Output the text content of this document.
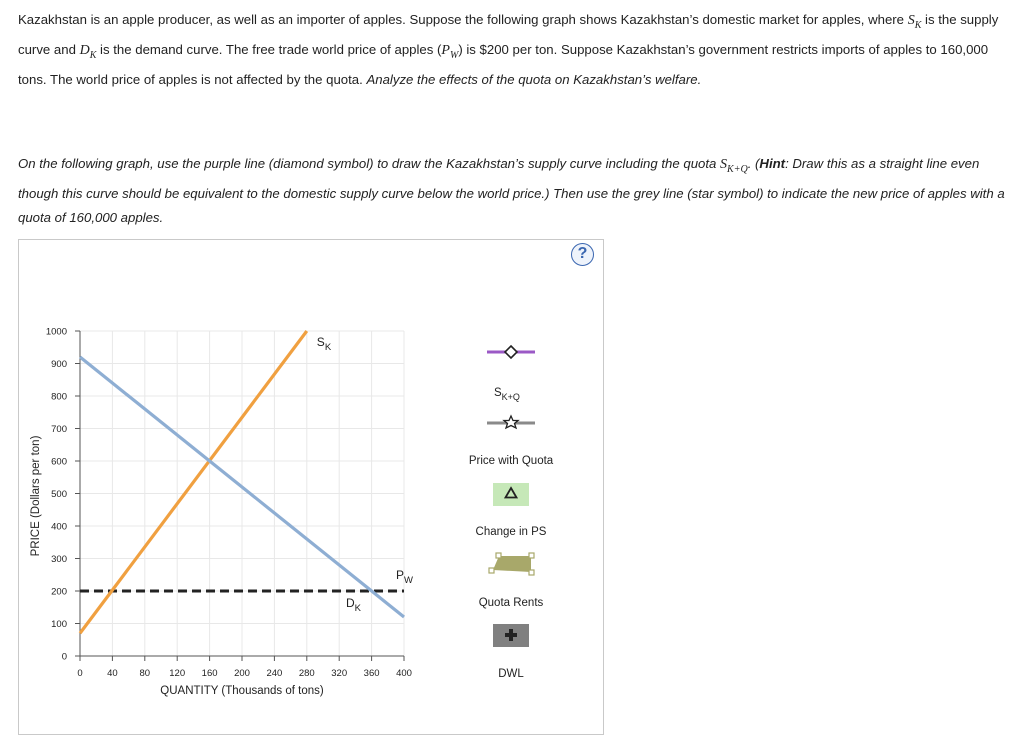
Kazakhstan is an apple producer, as well as an importer of apples. Suppose the following graph shows Kazakhstan’s domestic market for apples, where $S_K$ is the supply curve and $D_K$ is the demand curve. The free trade world price of apples $(P_W)$ is $200 per ton. Suppose Kazakhstan’s government restricts imports of apples to 160,000 tons. The world price of apples is not affected by the quota. Analyze the effects of the quota on Kazakhstan’s welfare.
On the following graph, use the purple line (diamond symbol) to draw the Kazakhstan’s supply curve including the quota $S_{K+Q}$. (Hint: Draw this as a straight line even though this curve should be equivalent to the domestic supply curve below the world price.) Then use the grey line (star symbol) to indicate the new price of apples with a quota of 160,000 apples.
?
0	40 80 120 160 200 240 280 320 360 400
0
100
200
300
400
500
600
700
800
900
1000
$P_W$
$S_K$
$D_K$
QUANTITY (Thousands of tons)
PRICE (Dollars per ton)
$S_{K+Q}$
Price with Quota
Change in PS
Quota Rents
DWL
